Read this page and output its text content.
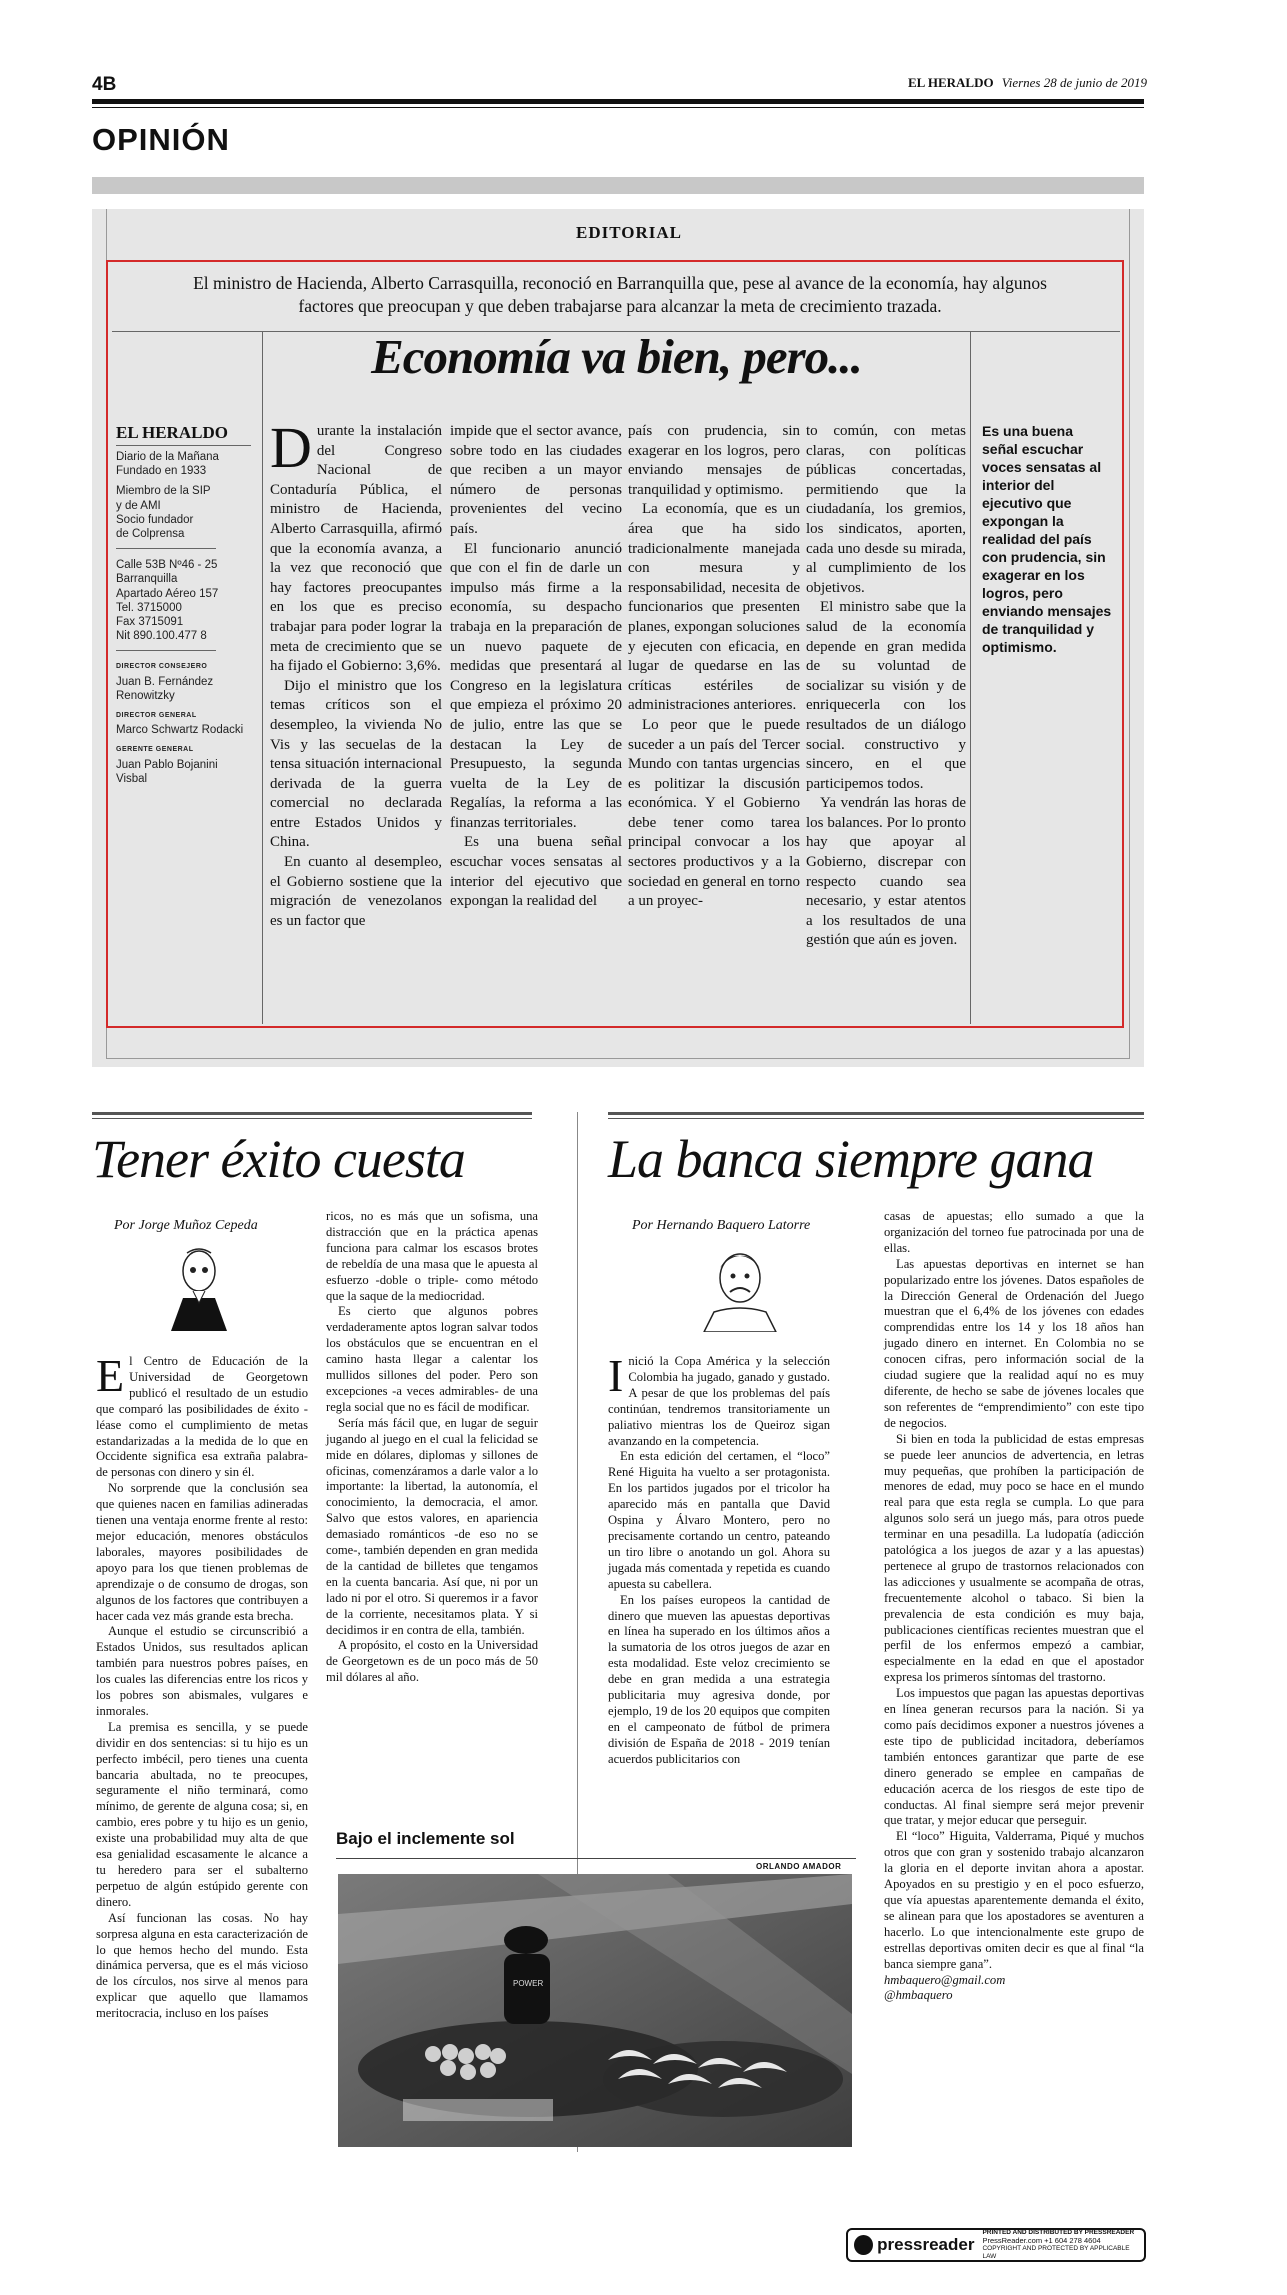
4B	EL HERALDO Viernes 28 de junio de 2019
OPINIÓN
EDITORIAL
El ministro de Hacienda, Alberto Carrasquilla, reconoció en Barranquilla que, pese al avance de la economía, hay algunos factores que preocupan y que deben trabajarse para alcanzar la meta de crecimiento trazada.
Economía va bien, pero...
EL HERALDO
Diario de la Mañana
Fundado en 1933
Miembro de la SIP
y de AMI
Socio fundador
de Colprensa
Calle 53B Nº46 - 25
Barranquilla
Apartado Aéreo 157
Tel. 3715000
Fax 3715091
Nit 890.100.477 8
DIRECTOR CONSEJERO
Juan B. Fernández
Renowitzky
DIRECTOR GENERAL
Marco Schwartz Rodacki
GERENTE GENERAL
Juan Pablo Bojanini
Visbal

Durante la instalación del Congreso Nacional de Contaduría Pública, el ministro de Hacienda, Alberto Carrasquilla, afirmó que la economía avanza, a la vez que reconoció que hay factores preocupantes en los que es preciso trabajar para poder lograr la meta de crecimiento que se ha fijado el Gobierno: 3,6%.

Dijo el ministro que los temas críticos son el desempleo, la vivienda No Vis y las secuelas de la tensa situación internacional derivada de la guerra comercial no declarada entre Estados Unidos y China.

En cuanto al desempleo, el Gobierno sostiene que la migración de venezolanos es un factor que

impide que el sector avance, sobre todo en las ciudades que reciben a un mayor número de personas provenientes del vecino país.

El funcionario anunció que con el fin de darle un impulso más firme a la economía, su despacho trabaja en la preparación de un nuevo paquete de medidas que presentará al Congreso en la legislatura que empieza el próximo 20 de julio, entre las que se destacan la Ley de Presupuesto, la segunda vuelta de la Ley de Regalías, la reforma a las finanzas territoriales.

Es una buena señal escuchar voces sensatas al interior del ejecutivo que expongan la realidad del

país con prudencia, sin exagerar en los logros, pero enviando mensajes de tranquilidad y optimismo.

La economía, que es un área que ha sido tradicionalmente manejada con mesura y responsabilidad, necesita de funcionarios que presenten planes, expongan soluciones y ejecuten con eficacia, en lugar de quedarse en las críticas estériles de administraciones anteriores.

Lo peor que le puede suceder a un país del Tercer Mundo con tantas urgencias es politizar la discusión económica. Y el Gobierno debe tener como tarea principal convocar a los sectores productivos y a la sociedad en general en torno a un proyec-

to común, con metas claras, con políticas públicas concertadas, permitiendo que la ciudadanía, los gremios, los sindicatos, aporten, cada uno desde su mirada, al cumplimiento de los objetivos.

El ministro sabe que la salud de la economía depende en gran medida de su voluntad de socializar su visión y de enriquecerla con los resultados de un diálogo social. constructivo y sincero, en el que participemos todos.

Ya vendrán las horas de los balances. Por lo pronto hay que apoyar al Gobierno, discrepar con respecto cuando sea necesario, y estar atentos a los resultados de una gestión que aún es joven.

Es una buena señal escuchar voces sensatas al interior del ejecutivo que expongan la realidad del país con prudencia, sin exagerar en los logros, pero enviando mensajes de tranquilidad y optimismo.
Tener éxito cuesta	La banca siempre gana
Por Jorge Muñoz Cepeda

El Centro de Educación de la Universidad de Georgetown publicó el resultado de un estudio que comparó las posibilidades de éxito -léase como el cumplimiento de metas estandarizadas a la medida de lo que en Occidente significa esa extraña palabra- de personas con dinero y sin él.

No sorprende que la conclusión sea que quienes nacen en familias adineradas tienen una ventaja enorme frente al resto: mejor educación, menores obstáculos laborales, mayores posibilidades de apoyo para los que tienen problemas de aprendizaje o de consumo de drogas, son algunos de los factores que contribuyen a hacer cada vez más grande esta brecha.

Aunque el estudio se circunscribió a Estados Unidos, sus resultados aplican también para nuestros pobres países, en los cuales las diferencias entre los ricos y los pobres son abismales, vulgares e inmorales.

La premisa es sencilla, y se puede dividir en dos sentencias: si tu hijo es un perfecto imbécil, pero tienes una cuenta bancaria abultada, no te preocupes, seguramente el niño terminará, como mínimo, de gerente de alguna cosa; si, en cambio, eres pobre y tu hijo es un genio, existe una probabilidad muy alta de que esa genialidad escasamente le alcance a tu heredero para ser el subalterno perpetuo de algún estúpido gerente con dinero.

Así funcionan las cosas. No hay sorpresa alguna en esta caracterización de lo que hemos hecho del mundo. Esta dinámica perversa, que es el más vicioso de los círculos, nos sirve al menos para explicar que aquello que llamamos meritocracia, incluso en los países

ricos, no es más que un sofisma, una distracción que en la práctica apenas funciona para calmar los escasos brotes de rebeldía de una masa que le apuesta al esfuerzo -doble o triple- como método que la saque de la mediocridad.

Es cierto que algunos pobres verdaderamente aptos logran salvar todos los obstáculos que se encuentran en el camino hasta llegar a calentar los mullidos sillones del poder. Pero son excepciones -a veces admirables- de una regla social que no es fácil de modificar.

Sería más fácil que, en lugar de seguir jugando al juego en el cual la felicidad se mide en dólares, diplomas y sillones de oficinas, comenzáramos a darle valor a lo importante: la libertad, la autonomía, el conocimiento, la democracia, el amor. Salvo que estos valores, en apariencia demasiado románticos -de eso no se come-, también dependen en gran medida de la cantidad de billetes que tengamos en la cuenta bancaria. Así que, ni por un lado ni por el otro. Si queremos ir a favor de la corriente, necesitamos plata. Y si decidimos ir en contra de ella, también.

A propósito, el costo en la Universidad de Georgetown es de un poco más de 50 mil dólares al año.

Bajo el inclemente sol
ORLANDO AMADOR
POWER
Por Hernando Baquero Latorre

Inició la Copa América y la selección Colombia ha jugado, ganado y gustado. A pesar de que los problemas del país continúan, tendremos transitoriamente un paliativo mientras los de Queiroz sigan avanzando en la competencia.

En esta edición del certamen, el “loco” René Higuita ha vuelto a ser protagonista. En los partidos jugados por el tricolor ha aparecido más en pantalla que David Ospina y Álvaro Montero, pero no precisamente cortando un centro, pateando un tiro libre o anotando un gol. Ahora su jugada más comentada y repetida es cuando apuesta su cabellera.

En los países europeos la cantidad de dinero que mueven las apuestas deportivas en línea ha superado en los últimos años a la sumatoria de los otros juegos de azar en esta modalidad. Este veloz crecimiento se debe en gran medida a una estrategia publicitaria muy agresiva donde, por ejemplo, 19 de los 20 equipos que compiten en el campeonato de fútbol de primera división de España de 2018 - 2019 tenían acuerdos publicitarios con

casas de apuestas; ello sumado a que la organización del torneo fue patrocinada por una de ellas.

Las apuestas deportivas en internet se han popularizado entre los jóvenes. Datos españoles de la Dirección General de Ordenación del Juego muestran que el 6,4% de los jóvenes con edades comprendidas entre los 14 y los 18 años han jugado dinero en internet. En Colombia no se conocen cifras, pero información social de la ciudad sugiere que la realidad aquí no es muy diferente, de hecho se sabe de jóvenes locales que son referentes de “emprendimiento” con este tipo de negocios.

Si bien en toda la publicidad de estas empresas se puede leer anuncios de advertencia, en letras muy pequeñas, que prohíben la participación de menores de edad, muy poco se hace en el mundo real para que esta regla se cumpla. Lo que para algunos solo será un juego más, para otros puede terminar en una pesadilla. La ludopatía (adicción patológica a los juegos de azar y a las apuestas) pertenece al grupo de trastornos relacionados con las adicciones y usualmente se acompaña de otras, frecuentemente alcohol o tabaco. Si bien la prevalencia de esta condición es muy baja, publicaciones científicas recientes muestran que el perfil de los enfermos empezó a cambiar, especialmente en la edad en que el apostador expresa los primeros síntomas del trastorno.

Los impuestos que pagan las apuestas deportivas en línea generan recursos para la nación. Si ya como país decidimos exponer a nuestros jóvenes a este tipo de publicidad incitadora, deberíamos también entonces garantizar que parte de ese dinero generado se emplee en campañas de educación acerca de los riesgos de este tipo de conductas. Al final siempre será mejor prevenir que tratar, y mejor educar que perseguir.

El “loco” Higuita, Valderrama, Piqué y muchos otros que con gran y sostenido trabajo alcanzaron la gloria en el deporte invitan ahora a apostar. Apoyados en su prestigio y en el poco esfuerzo, que vía apuestas aparentemente demanda el éxito, se alinean para que los apostadores se aventuren a hacerlo. Lo que intencionalmente este grupo de estrellas deportivas omiten decir es que al final “la banca siempre gana”.

hmbaquero@gmail.com

@hmbaquero

pressreader
PRINTED AND DISTRIBUTED BY PRESSREADER
PressReader.com +1 604 278 4604
COPYRIGHT AND PROTECTED BY APPLICABLE LAW
